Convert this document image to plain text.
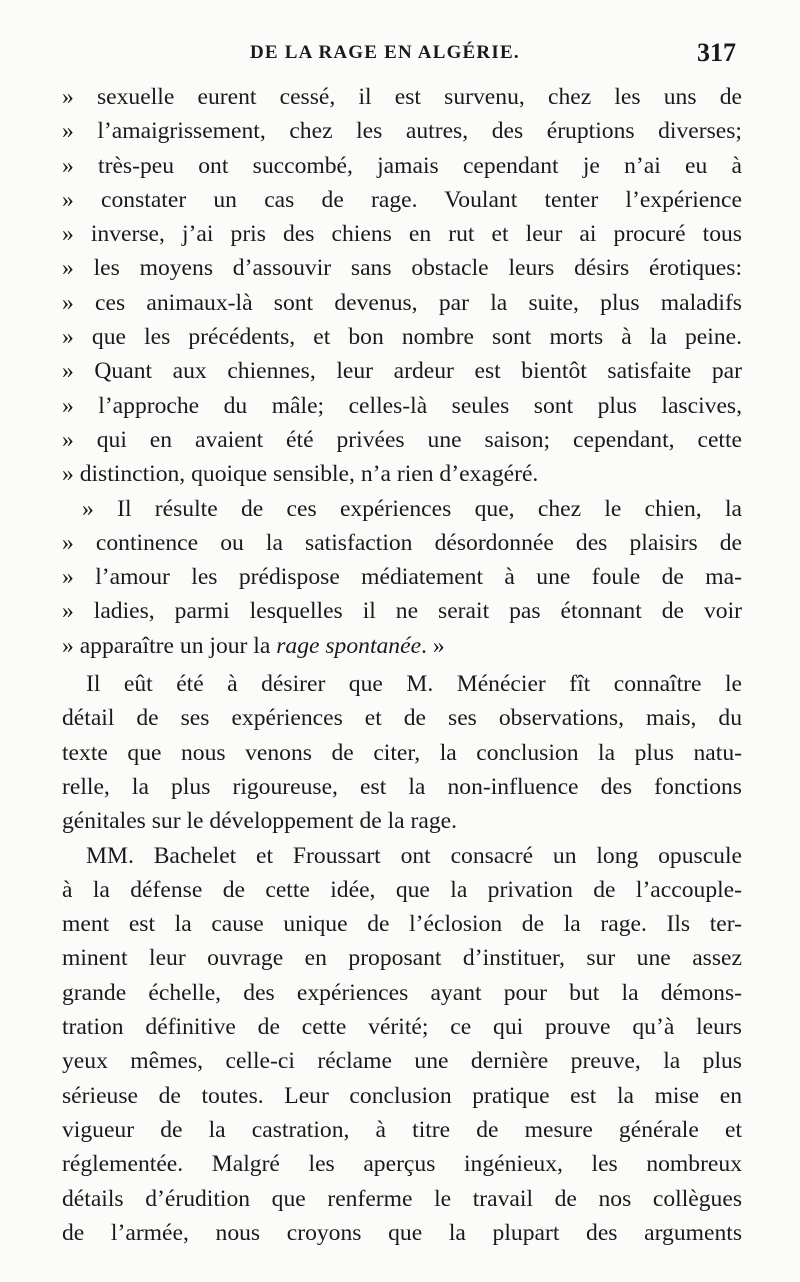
DE LA RAGE EN ALGÉRIE.	317
» sexuelle eurent cessé, il est survenu, chez les uns de
» l’amaigrissement, chez les autres, des éruptions diverses;
» très-peu ont succombé, jamais cependant je n’ai eu à
» constater un cas de rage. Voulant tenter l’expérience
» inverse, j’ai pris des chiens en rut et leur ai procuré tous
» les moyens d’assouvir sans obstacle leurs désirs érotiques:
» ces animaux-là sont devenus, par la suite, plus maladifs
» que les précédents, et bon nombre sont morts à la peine.
» Quant aux chiennes, leur ardeur est bientôt satisfaite par
» l’approche du mâle; celles-là seules sont plus lascives,
» qui en avaient été privées une saison; cependant, cette
» distinction, quoique sensible, n’a rien d’exagéré.
» Il résulte de ces expériences que, chez le chien, la
» continence ou la satisfaction désordonnée des plaisirs de
» l’amour les prédispose médiatement à une foule de ma-
» ladies, parmi lesquelles il ne serait pas étonnant de voir
» apparaître un jour la rage spontanée. »
Il eût été à désirer que M. Ménécier fît connaître le
détail de ses expériences et de ses observations, mais, du
texte que nous venons de citer, la conclusion la plus natu-
relle, la plus rigoureuse, est la non-influence des fonctions
génitales sur le développement de la rage.
MM. Bachelet et Froussart ont consacré un long opuscule
à la défense de cette idée, que la privation de l’accouple-
ment est la cause unique de l’éclosion de la rage. Ils ter-
minent leur ouvrage en proposant d’instituer, sur une assez
grande échelle, des expériences ayant pour but la démons-
tration définitive de cette vérité; ce qui prouve qu’à leurs
yeux mêmes, celle-ci réclame une dernière preuve, la plus
sérieuse de toutes. Leur conclusion pratique est la mise en
vigueur de la castration, à titre de mesure générale et
réglementée. Malgré les aperçus ingénieux, les nombreux
détails d’érudition que renferme le travail de nos collègues
de l’armée, nous croyons que la plupart des arguments
